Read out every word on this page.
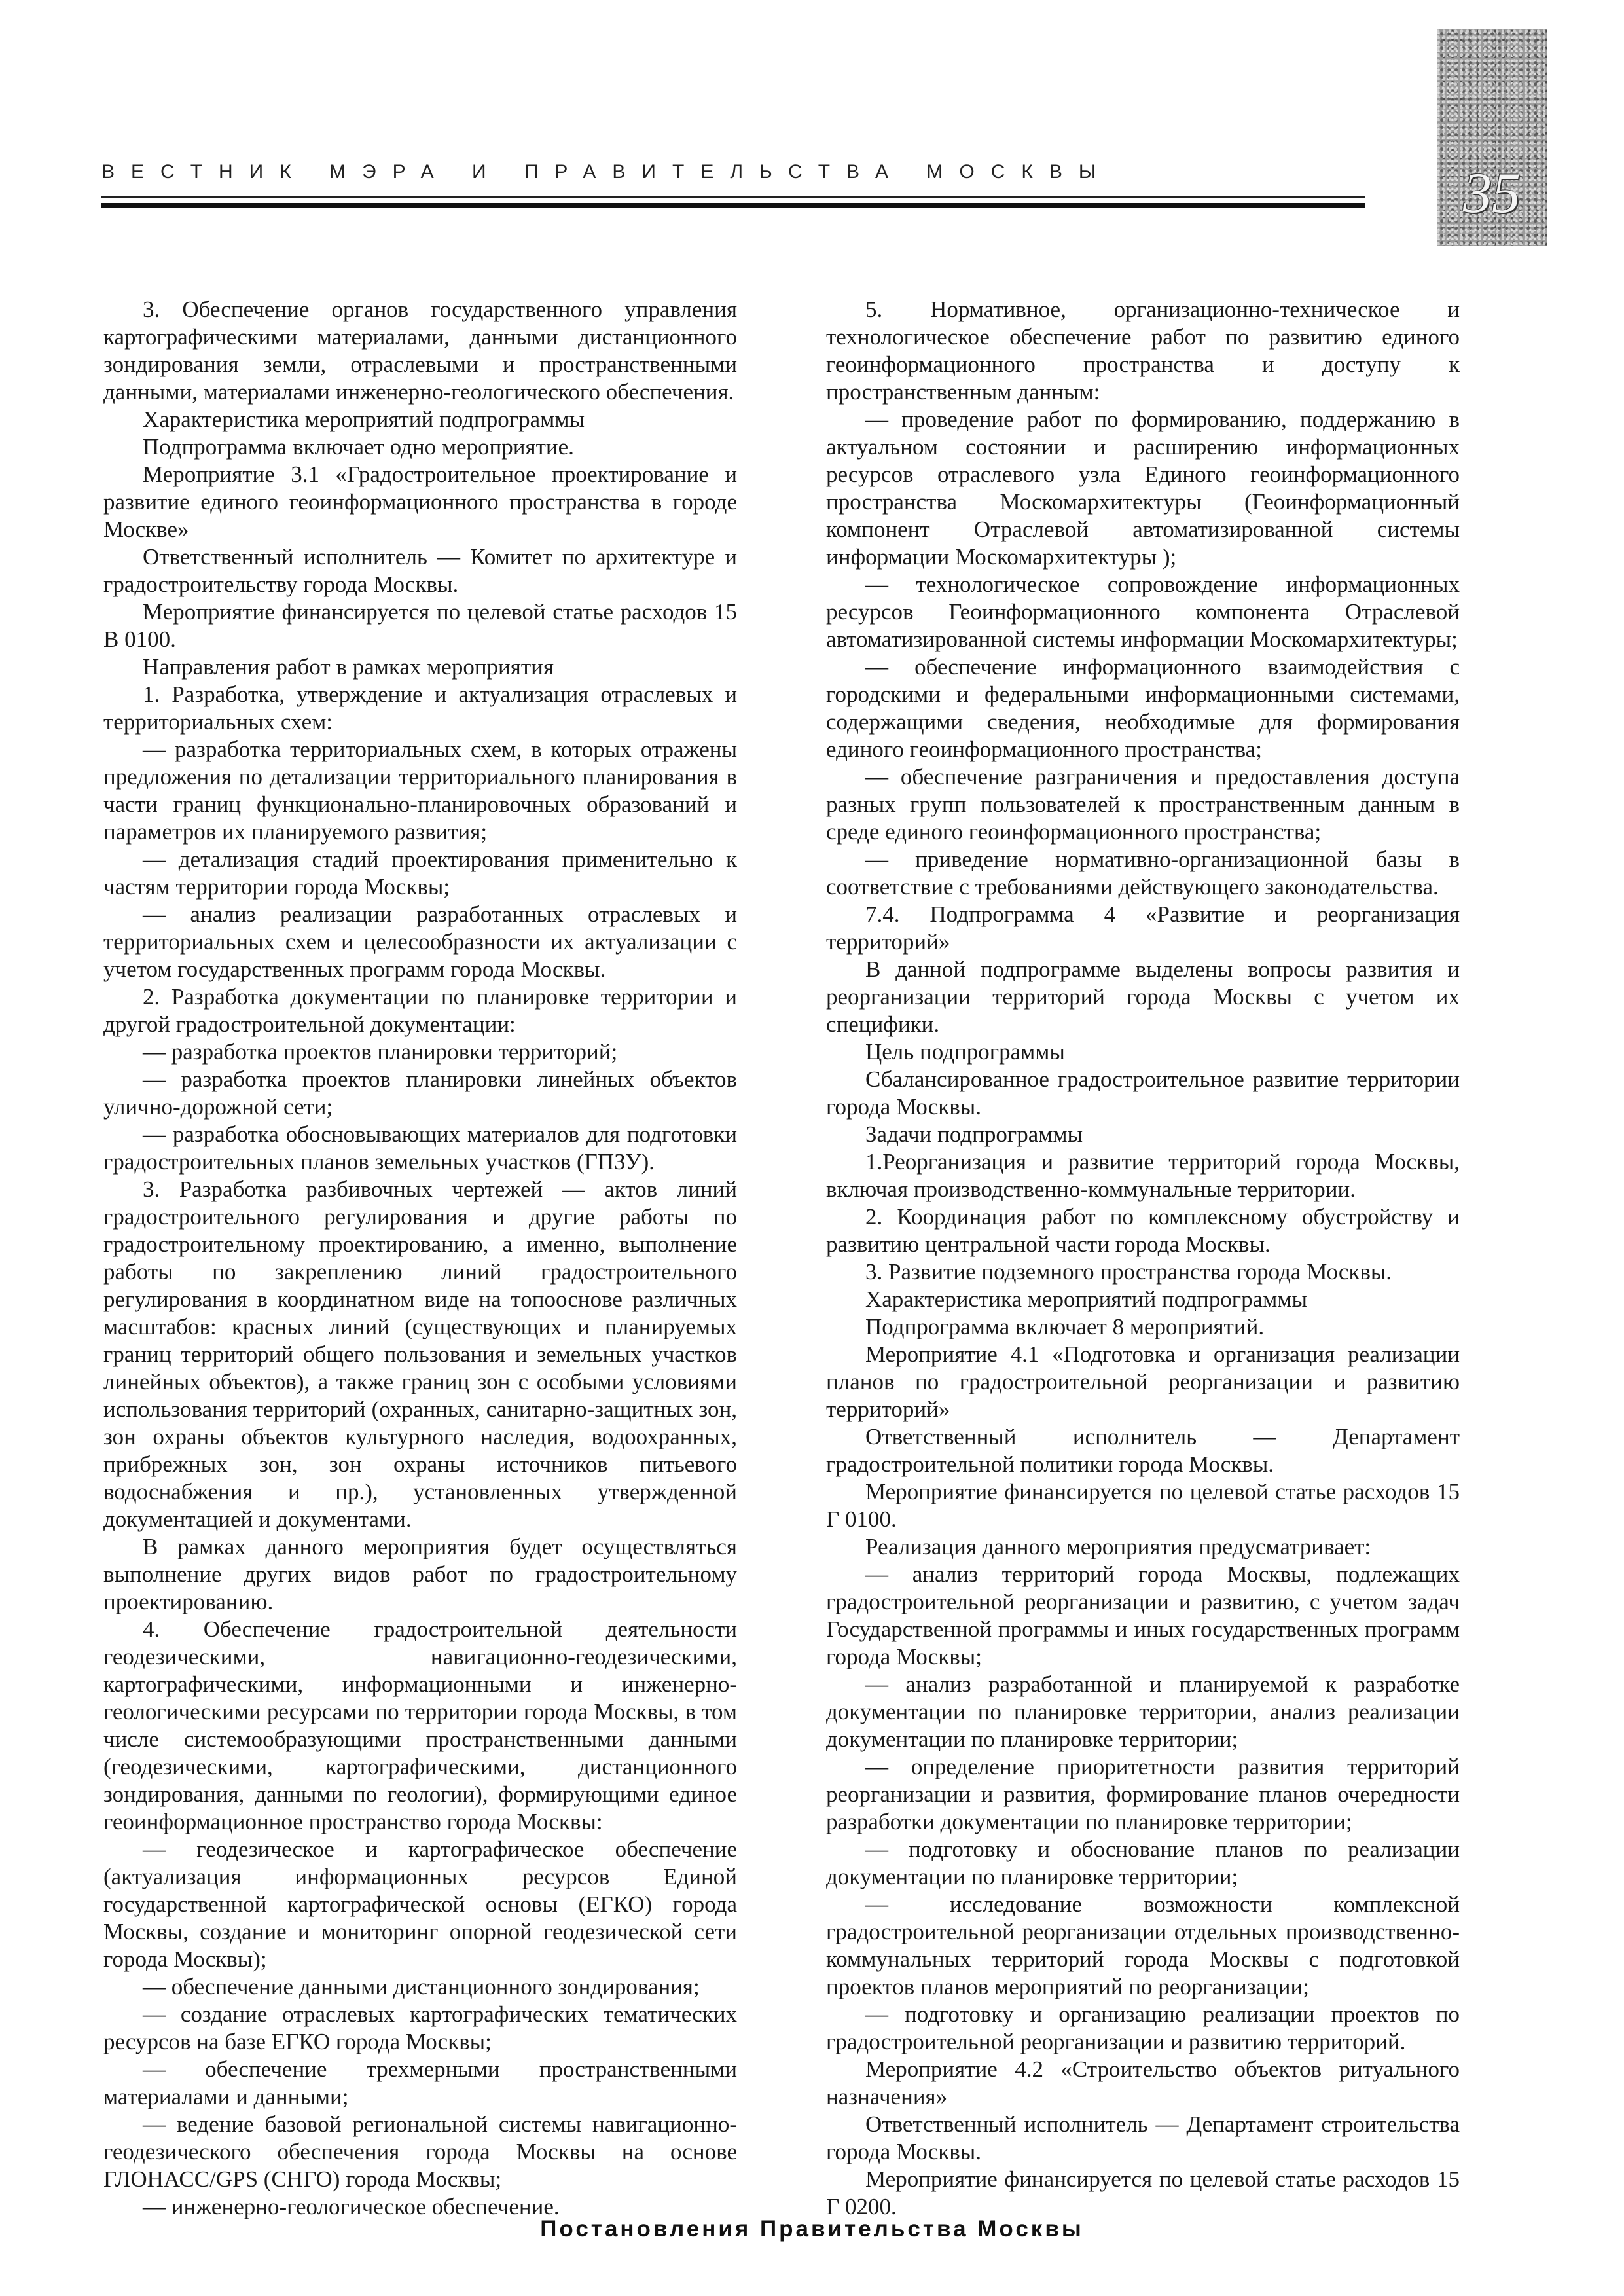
ВЕСТНИК МЭРА И ПРАВИТЕЛЬСТВА МОСКВЫ	35

3. Обеспечение органов государственного управления картографическими материалами, данными дистанционного зондирования земли, отраслевыми и пространственными данными, материалами инженерно-геологического обеспечения.

Характеристика мероприятий подпрограммы

Подпрограмма включает одно мероприятие.

Мероприятие 3.1 «Градостроительное проектирование и развитие единого геоинформационного пространства в городе Москве»

Ответственный исполнитель — Комитет по архитектуре и градостроительству города Москвы.

Мероприятие финансируется по целевой статье расходов 15 В 0100.

Направления работ в рамках мероприятия

1. Разработка, утверждение и актуализация отраслевых и территориальных схем:

— разработка территориальных схем, в которых отражены предложения по детализации территориального планирования в части границ функционально-планировочных образований и параметров их планируемого развития;

— детализация стадий проектирования применительно к частям территории города Москвы;

— анализ реализации разработанных отраслевых и территориальных схем и целесообразности их актуализации с учетом государственных программ города Москвы.

2. Разработка документации по планировке территории и другой градостроительной документации:

— разработка проектов планировки территорий;

— разработка проектов планировки линейных объектов улично-дорожной сети;

— разработка обосновывающих материалов для подготовки градостроительных планов земельных участков (ГПЗУ).

3. Разработка разбивочных чертежей — актов линий градостроительного регулирования и другие работы по градостроительному проектированию, а именно, выполнение работы по закреплению линий градостроительного регулирования в координатном виде на топооснове различных масштабов: красных линий (существующих и планируемых границ территорий общего пользования и земельных участков линейных объектов), а также границ зон с особыми условиями использования территорий (охранных, санитарно-защитных зон, зон охраны объектов культурного наследия, водоохранных, прибрежных зон, зон охраны источников питьевого водоснабжения и пр.), установленных утвержденной документацией и документами.

В рамках данного мероприятия будет осуществляться выполнение других видов работ по градостроительному проектированию.

4. Обеспечение градостроительной деятельности геодезическими, навигационно-геодезическими, картографическими, информационными и инженерно-геологическими ресурсами по территории города Москвы, в том числе системообразующими пространственными данными (геодезическими, картографическими, дистанционного зондирования, данными по геологии), формирующими единое геоинформационное пространство города Москвы:

— геодезическое и картографическое обеспечение (актуализация информационных ресурсов Единой государственной картографической основы (ЕГКО) города Москвы, создание и мониторинг опорной геодезической сети города Москвы);

— обеспечение данными дистанционного зондирования;

— создание отраслевых картографических тематических ресурсов на базе ЕГКО города Москвы;

— обеспечение трехмерными пространственными материалами и данными;

— ведение базовой региональной системы навигационно-геодезического обеспечения города Москвы на основе ГЛОНАСС/GPS (СНГО) города Москвы;

— инженерно-геологическое обеспечение.

5. Нормативное, организационно-техническое и технологическое обеспечение работ по развитию единого геоинформационного пространства и доступу к пространственным данным:

— проведение работ по формированию, поддержанию в актуальном состоянии и расширению информационных ресурсов отраслевого узла Единого геоинформационного пространства Москомархитектуры (Геоинформационный компонент Отраслевой автоматизированной системы информации Москомархитектуры );

— технологическое сопровождение информационных ресурсов Геоинформационного компонента Отраслевой автоматизированной системы информации Москомархитектуры;

— обеспечение информационного взаимодействия с городскими и федеральными информационными системами, содержащими сведения, необходимые для формирования единого геоинформационного пространства;

— обеспечение разграничения и предоставления доступа разных групп пользователей к пространственным данным в среде единого геоинформационного пространства;

— приведение нормативно-организационной базы в соответствие с требованиями действующего законодательства.

7.4. Подпрограмма 4 «Развитие и реорганизация территорий»

В данной подпрограмме выделены вопросы развития и реорганизации территорий города Москвы с учетом их специфики.

Цель подпрограммы

Сбалансированное градостроительное развитие территории города Москвы.

Задачи подпрограммы

1.Реорганизация и развитие территорий города Москвы, включая производственно-коммунальные территории.

2. Координация работ по комплексному обустройству и развитию центральной части города Москвы.

3. Развитие подземного пространства города Москвы.

Характеристика мероприятий подпрограммы

Подпрограмма включает 8 мероприятий.

Мероприятие 4.1 «Подготовка и организация реализации планов по градостроительной реорганизации и развитию территорий»

Ответственный исполнитель — Департамент градостроительной политики города Москвы.

Мероприятие финансируется по целевой статье расходов 15 Г 0100.

Реализация данного мероприятия предусматривает:

— анализ территорий города Москвы, подлежащих градостроительной реорганизации и развитию, с учетом задач Государственной программы и иных государственных программ города Москвы;

— анализ разработанной и планируемой к разработке документации по планировке территории, анализ реализации документации по планировке территории;

— определение приоритетности развития территорий реорганизации и развития, формирование планов очередности разработки документации по планировке территории;

— подготовку и обоснование планов по реализации документации по планировке территории;

— исследование возможности комплексной градостроительной реорганизации отдельных производственно-коммунальных территорий города Москвы с подготовкой проектов планов мероприятий по реорганизации;

— подготовку и организацию реализации проектов по градостроительной реорганизации и развитию территорий.

Мероприятие 4.2 «Строительство объектов ритуального назначения»

Ответственный исполнитель — Департамент строительства города Москвы.

Мероприятие финансируется по целевой статье расходов 15 Г 0200.

Постановления Правительства Москвы
